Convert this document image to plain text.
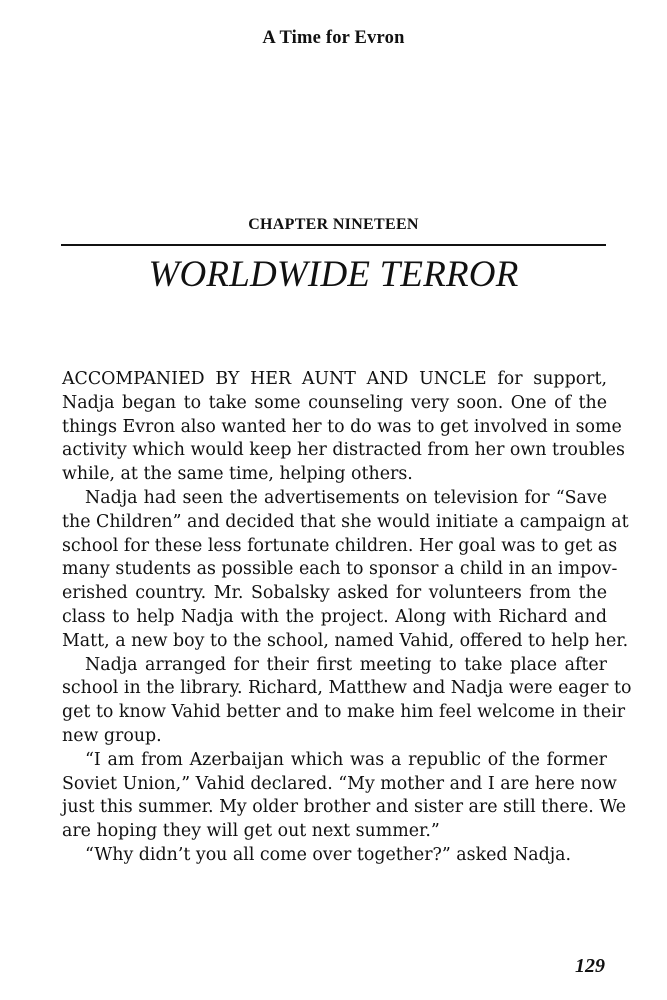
A Time for Evron
CHAPTER NINETEEN
WORLDWIDE TERROR
ACCOMPANIED BY HER AUNT AND UNCLE for support,
Nadja began to take some counseling very soon. One of the
things Evron also wanted her to do was to get involved in some
activity which would keep her distracted from her own troubles
while, at the same time, helping others.
Nadja had seen the advertisements on television for “Save
the Children” and decided that she would initiate a campaign at
school for these less fortunate children. Her goal was to get as
many students as possible each to sponsor a child in an impov-
erished country. Mr. Sobalsky asked for volunteers from the
class to help Nadja with the project. Along with Richard and
Matt, a new boy to the school, named Vahid, offered to help her.
Nadja arranged for their first meeting to take place after
school in the library. Richard, Matthew and Nadja were eager to
get to know Vahid better and to make him feel welcome in their
new group.
“I am from Azerbaijan which was a republic of the former
Soviet Union,” Vahid declared. “My mother and I are here now
just this summer. My older brother and sister are still there. We
are hoping they will get out next summer.”
“Why didn’t you all come over together?” asked Nadja.
129
